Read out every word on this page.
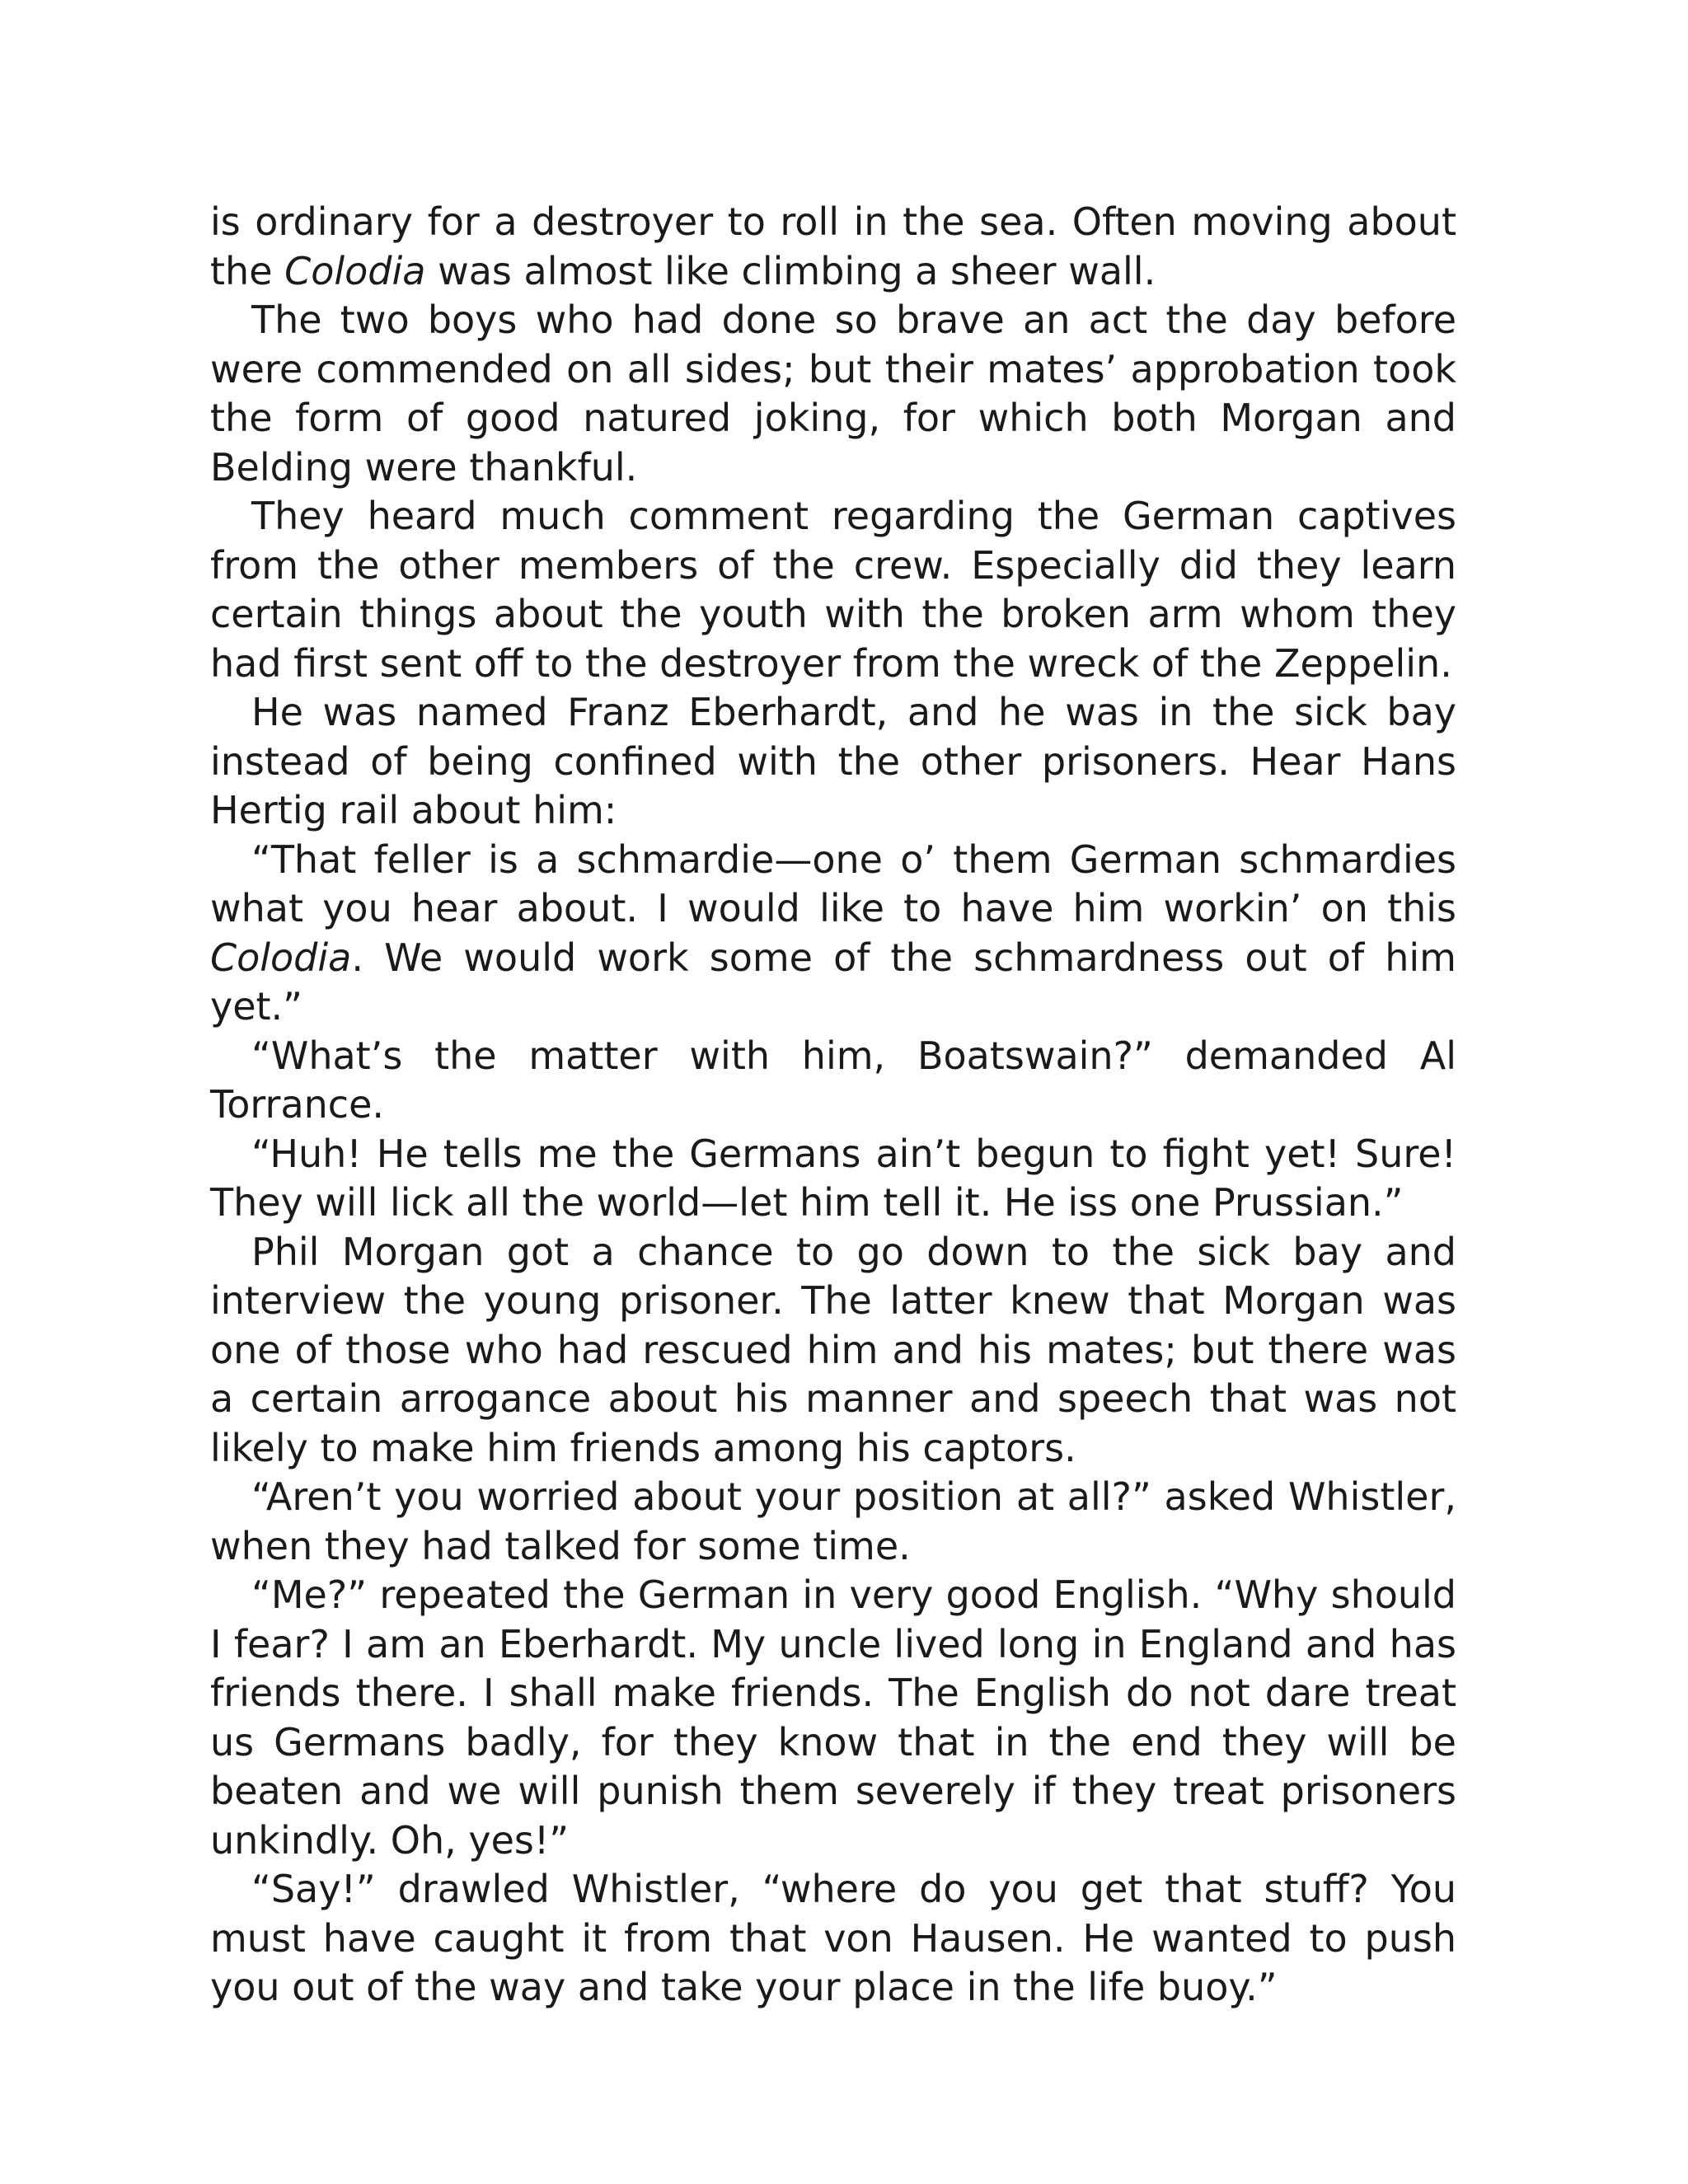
is ordinary for a destroyer to roll in the sea. Often moving about the Colodia was almost like climbing a sheer wall.

The two boys who had done so brave an act the day before were commended on all sides; but their mates’ approbation took the form of good natured joking, for which both Morgan and Belding were thankful.

They heard much comment regarding the German captives from the other members of the crew. Especially did they learn certain things about the youth with the broken arm whom they had first sent off to the destroyer from the wreck of the Zeppelin.

He was named Franz Eberhardt, and he was in the sick bay instead of being confined with the other prisoners. Hear Hans Hertig rail about him:

“That feller is a schmardie—one o’ them German schmardies what you hear about. I would like to have him workin’ on this Colodia. We would work some of the schmardness out of him yet.”

“What’s the matter with him, Boatswain?” demanded Al Torrance.

“Huh! He tells me the Germans ain’t begun to fight yet! Sure! They will lick all the world—let him tell it. He iss one Prussian.”

Phil Morgan got a chance to go down to the sick bay and interview the young prisoner. The latter knew that Morgan was one of those who had rescued him and his mates; but there was a certain arrogance about his manner and speech that was not likely to make him friends among his captors.

“Aren’t you worried about your position at all?” asked Whistler, when they had talked for some time.

“Me?” repeated the German in very good English. “Why should I fear? I am an Eberhardt. My uncle lived long in England and has friends there. I shall make friends. The English do not dare treat us Germans badly, for they know that in the end they will be beaten and we will punish them severely if they treat prisoners unkindly. Oh, yes!”

“Say!” drawled Whistler, “where do you get that stuff? You must have caught it from that von Hausen. He wanted to push you out of the way and take your place in the life buoy.”
